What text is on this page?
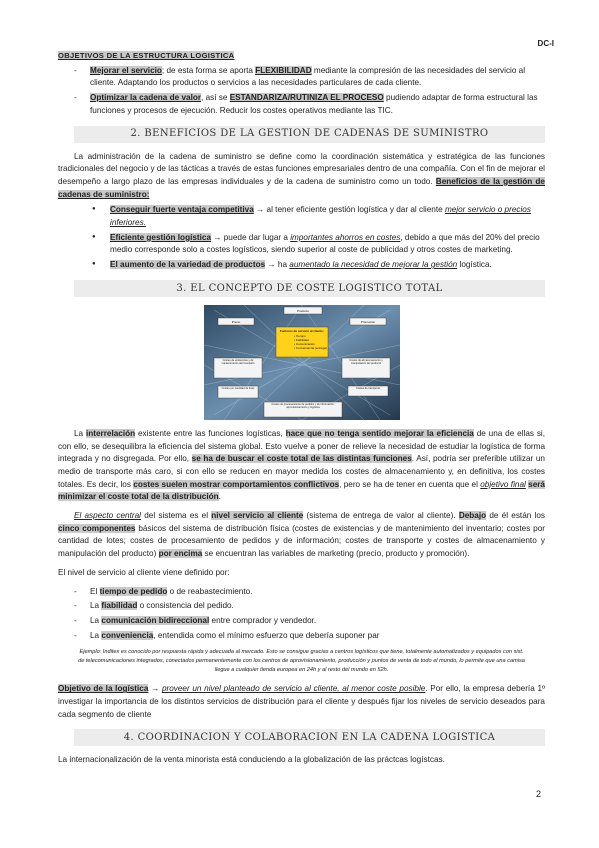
DC-I
OBJETIVOS DE LA ESTRUCTURA LOGISTICA
- Mejorar el servicio; de esta forma se aporta FLEXIBILIDAD mediante la compresión de las necesidades del servicio al cliente. Adaptando los productos o servicios a las necesidades particulares de cada cliente.
- Optimizar la cadena de valor, así se ESTANDARIZA/RUTINIZA EL PROCESO pudiendo adaptar de forma estructural las funciones y procesos de ejecución. Reducir los costes operativos mediante las TIC.
2. BENEFICIOS DE LA GESTION DE CADENAS DE SUMINISTRO

La administración de la cadena de suministro se define como la coordinación sistemática y estratégica de las funciones tradicionales del negocio y de las tácticas a través de estas funciones empresariales dentro de una compañía. Con el fin de mejorar el desempeño a largo plazo de las empresas individuales y de la cadena de suministro como un todo. Beneficios de la gestión de cadenas de suministro:

● Conseguir fuerte ventaja competitiva → al tener eficiente gestión logística y dar al cliente mejor servicio o precios inferiores.
● Eficiente gestión logística → puede dar lugar a importantes ahorros en costes, debido a que más del 20% del precio medio corresponde solo a costes logísticos, siendo superior al coste de publicidad y otros costes de marketing.
● El aumento de la variedad de productos → ha aumentado la necesidad de mejorar la gestión logística.
3. EL CONCEPTO DE COSTE LOGISTICO TOTAL
Producto
Precio	Promoción
Factores de servicio al cliente:
• Tiempo
• Fiabilidad
• Comunicación
• Conveniencia (entrega)
Costes de existencias y de mantenimiento del inventario
Costes de almacenamiento y manipulación del producto
Costes por cantidad de lotes	Costes de transporte
Costes de procesamiento de pedidos y de información: aprovisionamiento y logística

La interrelación existente entre las funciones logísticas, hace que no tenga sentido mejorar la eficiencia de una de ellas si, con ello, se desequilibra la eficiencia del sistema global. Esto vuelve a poner de relieve la necesidad de estudiar la logística de forma integrada y no disgregada. Por ello, se ha de buscar el coste total de las distintas funciones. Así, podría ser preferible utilizar un medio de transporte más caro, si con ello se reducen en mayor medida los costes de almacenamiento y, en definitiva, los costes totales. Es decir, los costes suelen mostrar comportamientos conflictivos, pero se ha de tener en cuenta que el objetivo final será minimizar el coste total de la distribución.

El aspecto central del sistema es el nivel servicio al cliente (sistema de entrega de valor al cliente). Debajo de él están los cinco componentes básicos del sistema de distribución física (costes de existencias y de mantenimiento del inventario; costes por cantidad de lotes; costes de procesamiento de pedidos y de información; costes de transporte y costes de almacenamiento y manipulación del producto) por encima se encuentran las variables de marketing (precio, producto y promoción).

El nivel de servicio al cliente viene definido por:

- El tiempo de pedido o de reabastecimiento.
- La fiabilidad o consistencia del pedido.
- La comunicación bidireccional entre comprador y vendedor.
- La conveniencia, entendida como el mínimo esfuerzo que debería suponer par
Ejemplo: Inditex es conocido por respuesta rápida y adecuada al mercado. Esto se consigue gracias a centros logísticos que tiene, totalmente automatizados y equipados con sist. de telecomunicaciones integrados, conectados permanentemente con los centros de aprovisionamiento, producción y puntos de venta de todo el mundo, lo permite que una camisa llegue a cualquier tienda europea en 24h y al resto del mundo en 52h.

Objetivo de la logística → proveer un nivel planteado de servicio al cliente, al menor coste posible. Por ello, la empresa debería 1º investigar la importancia de los distintos servicios de distribución para el cliente y después fijar los niveles de servicio deseados para cada segmento de cliente

4. COORDINACION Y COLABORACION EN LA CADENA LOGISTICA

La internacionalización de la venta minorista está conduciendo a la globalización de las práctcas logístcas.

2
